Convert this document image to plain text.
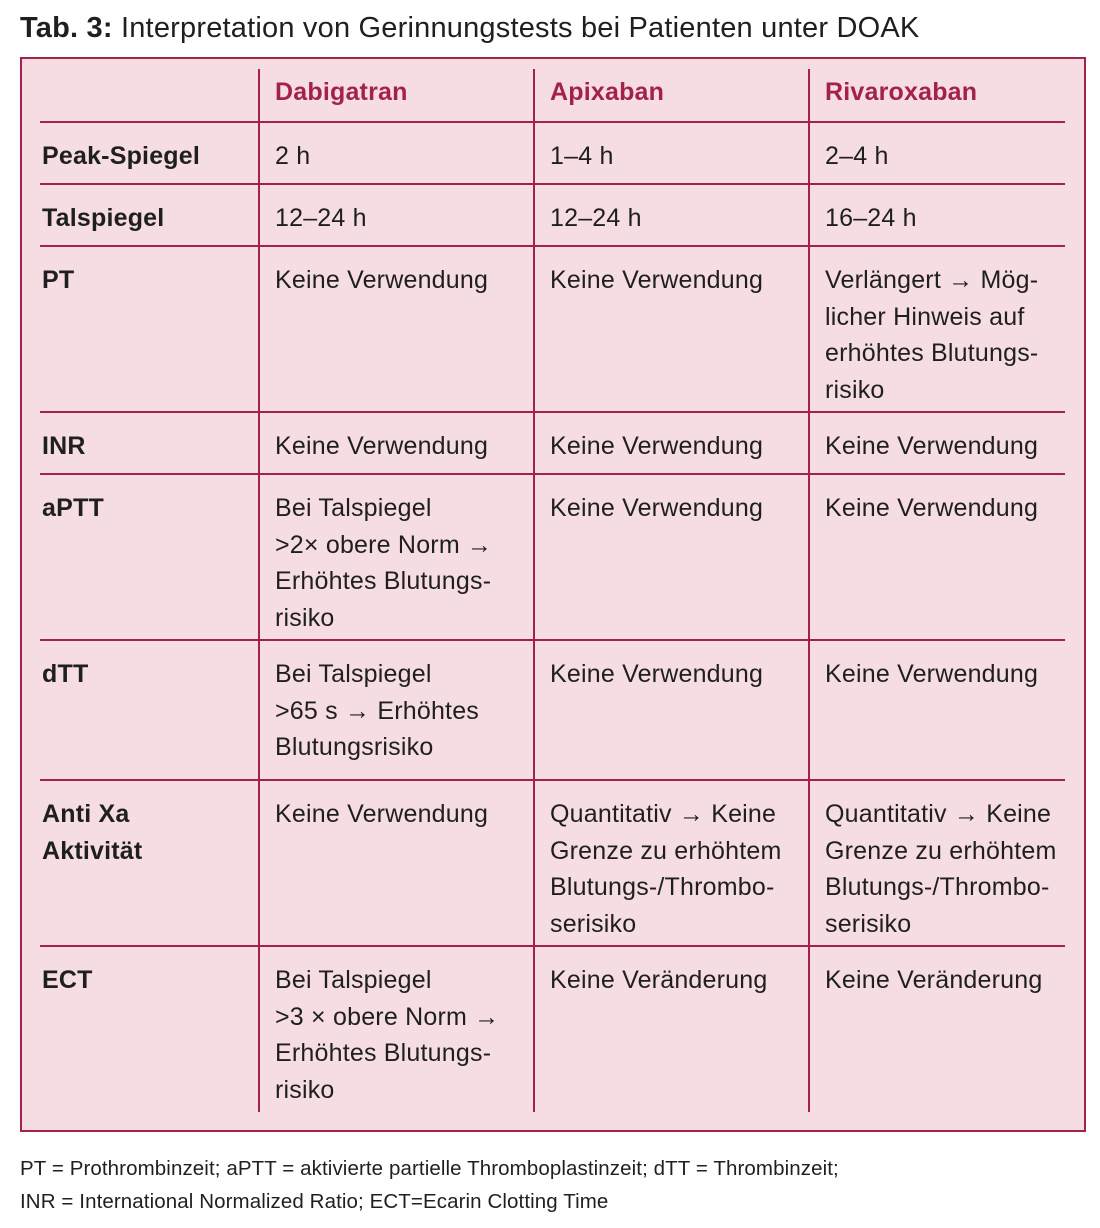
Tab. 3: Interpretation von Gerinnungstests bei Patienten unter DOAK
	Dabigatran	Apixaban	Rivaroxaban
Peak-Spiegel	2 h	1–4 h	2–4 h
Talspiegel	12–24 h	12–24 h	16–24 h
PT	Keine Verwendung	Keine Verwendung	Verlängert → Mög-
licher Hinweis auf
erhöhtes Blutungs-
risiko
INR	Keine Verwendung	Keine Verwendung	Keine Verwendung
aPTT	Bei Talspiegel
>2× obere Norm →
Erhöhtes Blutungs-
risiko	Keine Verwendung	Keine Verwendung
dTT	Bei Talspiegel
>65 s → Erhöhtes
Blutungsrisiko	Keine Verwendung	Keine Verwendung
Anti Xa
Aktivität	Keine Verwendung	Quantitativ → Keine
Grenze zu erhöhtem
Blutungs-/Thrombo-
serisiko	Quantitativ → Keine
Grenze zu erhöhtem
Blutungs-/Thrombo-
serisiko
ECT	Bei Talspiegel
>3 × obere Norm →
Erhöhtes Blutungs-
risiko	Keine Veränderung	Keine Veränderung
PT = Prothrombinzeit; aPTT = aktivierte partielle Thromboplastinzeit; dTT = Thrombinzeit;
INR = International Normalized Ratio; ECT=Ecarin Clotting Time
